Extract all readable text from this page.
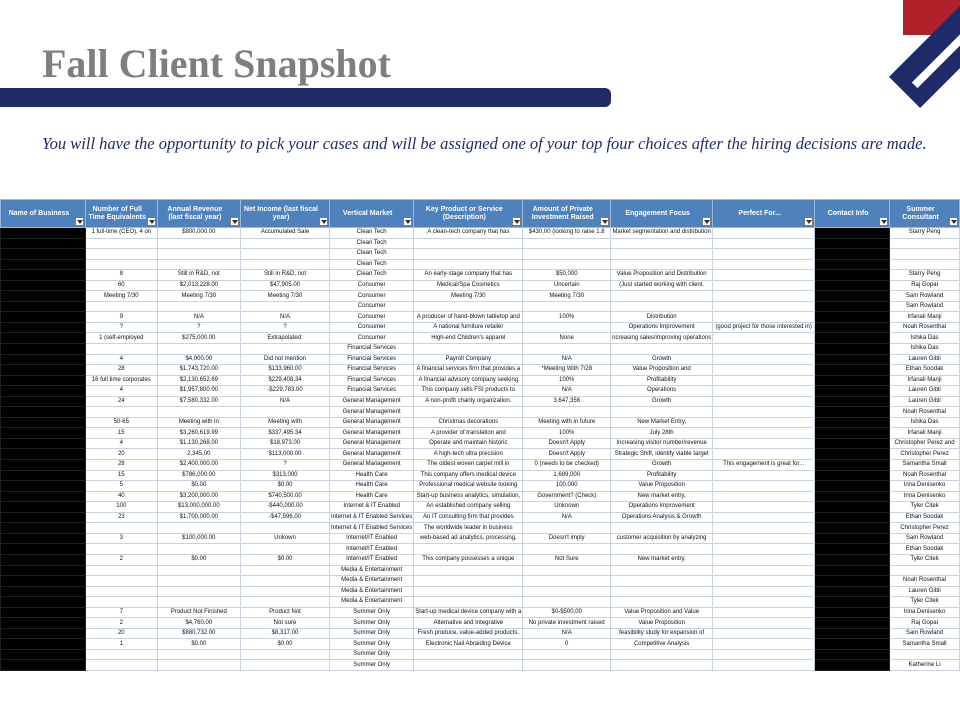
Fall Client Snapshot
You will have the opportunity to pick your cases and will be assigned one of your top four choices after the hiring decisions are made.
Name of Business	Number of Full Time Equivalents	Annual Revenue (last fiscal year)	Net Income (last fiscal year)	Vertical Market	Key Product or Service (Description)	Amount of Private Investment Raised	Engagement Focus	Perfect For...	Contact Info	Summer Consultant

	1 full-time (CEO), 4 on	$800,000.00	Accumulated Sale	Clean Tech	A clean-tech company that has	$430,00 (looking to raise 1.8	Market segmentation and distribution			Starry Peng
				Clean Tech						
				Clean Tech						
				Clean Tech						
	8	Still in R&D, not	Still in R&D, not	Clean Tech	An early-stage company that has	$50,000	Value Proposition and Distribution			Starry Peng
	60	$2,013,228.00	$47,905.00	Consumer	Medical/Spa Cosmetics	Uncertain	(Just started working with client.			Raj Gopal
	Meeting 7/30	Meeting 7/30	Meeting 7/30	Consumer	Meeting 7/30	Meeting 7/30				Sam Rowland
				Consumer						Sam Rowland
	9	N/A	N/A	Consumer	A producer of hand-blown tabletop and	100%	Distribution			Irfanali Manji
	?	?	?	Consumer	A national furniture retailer		Operations Improvement	(good project for those interested in)		Noah Rosenthal
	1 (self-employed	$275,000.00	Extrapolated:	Consumer	High-end Children's apparel	None	ncreasing sales/improving operations			Ishika Das
				Financial Services						Ishika Das
	4	$4,000.00	Did not mention	Financial Services	Payroll Company	N/A	Growth			Lauren Gibli
	28	$1,743,720.00	$133,960.00	Financial Services	A financial services firm that provides a	*Meeting With 7/28	Value Proposition and			Ethan Soodak
	16 full time corporates	$2,130,652.69	$229,408.34	Financial Services	A financial advisory company seeking	100%	Profitability			Irfanali Manji
	4	$1,957,800.00	-$229,783.00	Financial Services	This company sells FSI products to	N/A	Operations			Lauren Gibli
	24	$7,580,332.00	N/A	General Management	A non-profit charity organization.	3,647,356	Growth			Lauren Gibli
				General Management						Noah Rosenthal
	50-65	Meeting with in	Meeting with	General Management	Christmas decorations	Meeting with in future	New Market Entry,			Ishika Das
	15	$3,260,619.99	$337,495.34	General Management	A provider of translation and	100%	July 28th			Irfanali Manji
	4	$1,130,268.00	$18,973.00	General Management	Operate and maintain historic	Doesn't Apply	Increasing visitor number/revenue			Christopher Perez and
	20	2,345,00	$113,000.00	General Management	A high-tech ultra precision	Doesn't Apply	Strategic Shift, identify viable target			Christopher Perez
	28	$2,400,000.00	?	General Management	The oldest woven carpet mill in	0 (needs to be checked)	Growth	This engagement is great for...		Samantha Small
	15	$786,000.00	$313,000	Health Care	This company offers medical device	1,689,000	Profitability			Noah Rosenthal
	5	$0.00	$0.00	Health Care	Professional medical website looking	100,000	Value Proposition			Irina Denisenko
	40	$3,200,000.00	$740,500.00	Health Care	Start-up business analytics, simulation,	Government? (Check)	New market entry,			Irina Denisenko
	100	$13,000,000.00	-$440,000.00	Internet & IT Enabled	An established company selling	Unknown	Operations Improvement			Tyler Citek
	23	$1,700,000.00	-$47,596.00	Internet & IT Enabled Services	An IT consulting firm that provides	N/A	Operations Analysis & Growth			Ethan Soodak
				Internet & IT Enabled Services	The worldwide leader in business					Christopher Perez
	3	$100,000.00	Unkown	Internet/IT Enabled	web-based ad analytics, processing,	Doesn't imply	customer acquisition by analyzing			Sam Rowland
				Internet/IT Enabled						Ethan Soodak
	2	$0.00	$0.00	Internet/IT Enabled	This company possesses a unique	Not Sure	New market entry,			Tyler Citek
				Media & Entertainment						
				Media & Entertainment						Noah Rosenthal
				Media & Entertainment						Lauren Gibli
				Media & Entertainment						Tyler Citek
	7	Product Not Finished	Product Not	Summer Only	Start-up medical device company with a	$0-$500,00	Value Proposition and Value			Irina Denisenko
	2	$4,760.00	Not sure	Summer Only	Alternative and Integrative	No private investment raised	Value Proposition			Raj Gopal
	20	$880,732.00	$8,317.00	Summer Only	Fresh produce, value-added products,	N/A	feasibility study for expansion of			Sam Rowland
	1	$0.00	$0.00	Summer Only	Electronic Nail Abraiding Device	0	Competitive Analysis			Samantha Small
				Summer Only						
				Summer Only						Katherine Li
